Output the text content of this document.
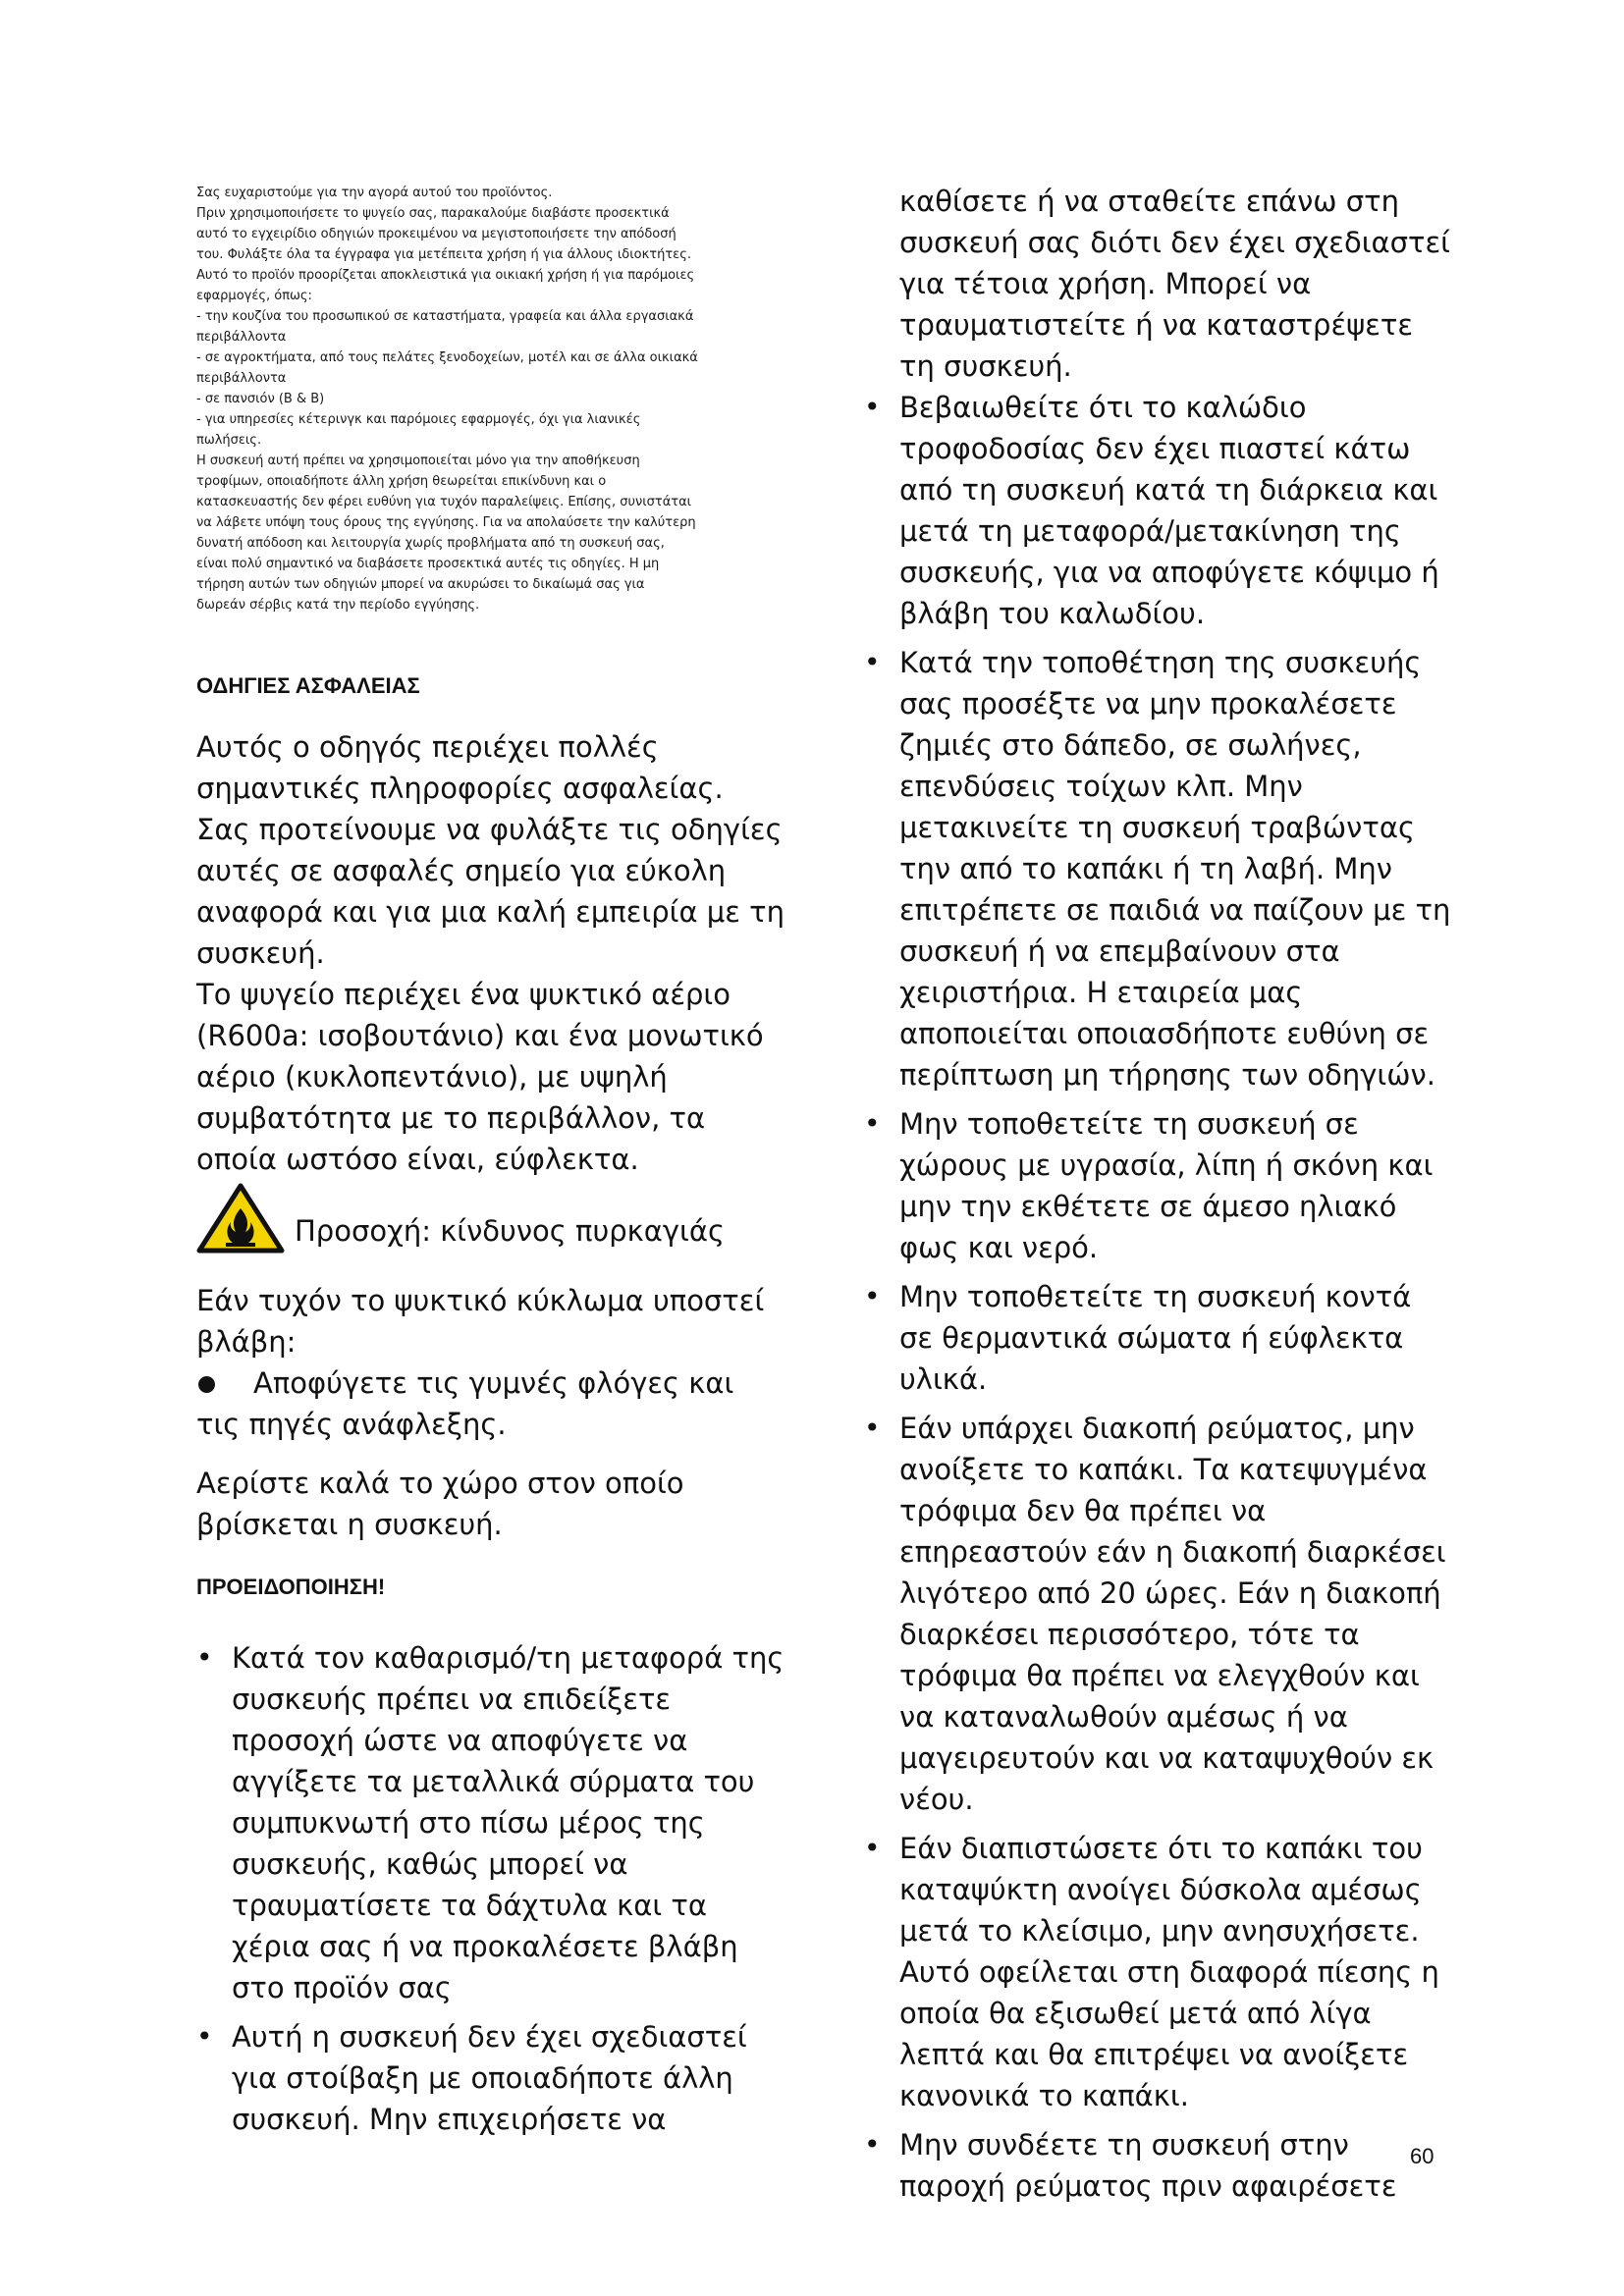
Σας ευχαριστούμε για την αγορά αυτού του προϊόντος.

Πριν χρησιμοποιήσετε το ψυγείο σας, παρακαλούμε διαβάστε προσεκτικά

αυτό το εγχειρίδιο οδηγιών προκειμένου να μεγιστοποιήσετε την απόδοσή

του. Φυλάξτε όλα τα έγγραφα για μετέπειτα χρήση ή για άλλους ιδιοκτήτες.

Αυτό το προϊόν προορίζεται αποκλειστικά για οικιακή χρήση ή για παρόμοιες

εφαρμογές, όπως:

- την κουζίνα του προσωπικού σε καταστήματα, γραφεία και άλλα εργασιακά

περιβάλλοντα

- σε αγροκτήματα, από τους πελάτες ξενοδοχείων, μοτέλ και σε άλλα οικιακά

περιβάλλοντα

- σε πανσιόν (B & B)

- για υπηρεσίες κέτερινγκ και παρόμοιες εφαρμογές, όχι για λιανικές

πωλήσεις.

Η συσκευή αυτή πρέπει να χρησιμοποιείται μόνο για την αποθήκευση

τροφίμων, οποιαδήποτε άλλη χρήση θεωρείται επικίνδυνη και ο

κατασκευαστής δεν φέρει ευθύνη για τυχόν παραλείψεις. Επίσης, συνιστάται

να λάβετε υπόψη τους όρους της εγγύησης. Για να απολαύσετε την καλύτερη

δυνατή απόδοση και λειτουργία χωρίς προβλήματα από τη συσκευή σας,

είναι πολύ σημαντικό να διαβάσετε προσεκτικά αυτές τις οδηγίες. Η μη

τήρηση αυτών των οδηγιών μπορεί να ακυρώσει το δικαίωμά σας για

δωρεάν σέρβις κατά την περίοδο εγγύησης.

ΟΔΗΓΙΕΣ ΑΣΦΑΛΕΙΑΣ

Αυτός ο οδηγός περιέχει πολλές σημαντικές πληροφορίες ασφαλείας. Σας προτείνουμε να φυλάξτε τις οδηγίες αυτές σε ασφαλές σημείο για εύκολη αναφορά και για μια καλή εμπειρία με τη συσκευή.

Το ψυγείο περιέχει ένα ψυκτικό αέριο (R600a: ισοβουτάνιο) και ένα μονωτικό αέριο (κυκλοπεντάνιο), με υψηλή συμβατότητα με το περιβάλλον, τα οποία ωστόσο είναι, εύφλεκτα.

Προσοχή: κίνδυνος πυρκαγιάς

Εάν τυχόν το ψυκτικό κύκλωμα υποστεί βλάβη:

Αποφύγετε τις γυμνές φλόγες και τις πηγές ανάφλεξης.

Αερίστε καλά το χώρο στον οποίο βρίσκεται η συσκευή.

ΠΡΟΕΙΔΟΠΟΙΗΣΗ!
• Κατά τον καθαρισμό/τη μεταφορά της συσκευής πρέπει να επιδείξετε προσοχή ώστε να αποφύγετε να αγγίξετε τα μεταλλικά σύρματα του συμπυκνωτή στο πίσω μέρος της συσκευής, καθώς μπορεί να τραυματίσετε τα δάχτυλα και τα χέρια σας ή να προκαλέσετε βλάβη στο προϊόν σας
• Αυτή η συσκευή δεν έχει σχεδιαστεί για στοίβαξη με οποιαδήποτε άλλη συσκευή. Μην επιχειρήσετε να

καθίσετε ή να σταθείτε επάνω στη συσκευή σας διότι δεν έχει σχεδιαστεί για τέτοια χρήση. Μπορεί να τραυματιστείτε ή να καταστρέψετε τη συσκευή.

• Βεβαιωθείτε ότι το καλώδιο τροφοδοσίας δεν έχει πιαστεί κάτω από τη συσκευή κατά τη διάρκεια και μετά τη μεταφορά/μετακίνηση της συσκευής, για να αποφύγετε κόψιμο ή βλάβη του καλωδίου.
• Κατά την τοποθέτηση της συσκευής σας προσέξτε να μην προκαλέσετε ζημιές στο δάπεδο, σε σωλήνες, επενδύσεις τοίχων κλπ. Μην μετακινείτε τη συσκευή τραβώντας την από το καπάκι ή τη λαβή. Μην επιτρέπετε σε παιδιά να παίζουν με τη συσκευή ή να επεμβαίνουν στα χειριστήρια. Η εταιρεία μας αποποιείται οποιασδήποτε ευθύνη σε περίπτωση μη τήρησης των οδηγιών.
• Μην τοποθετείτε τη συσκευή σε χώρους με υγρασία, λίπη ή σκόνη και μην την εκθέτετε σε άμεσο ηλιακό φως και νερό.
• Μην τοποθετείτε τη συσκευή κοντά σε θερμαντικά σώματα ή εύφλεκτα υλικά.
• Εάν υπάρχει διακοπή ρεύματος, μην ανοίξετε το καπάκι. Τα κατεψυγμένα τρόφιμα δεν θα πρέπει να επηρεαστούν εάν η διακοπή διαρκέσει λιγότερο από 20 ώρες. Εάν η διακοπή διαρκέσει περισσότερο, τότε τα τρόφιμα θα πρέπει να ελεγχθούν και να καταναλωθούν αμέσως ή να μαγειρευτούν και να καταψυχθούν εκ νέου.
• Εάν διαπιστώσετε ότι το καπάκι του καταψύκτη ανοίγει δύσκολα αμέσως μετά το κλείσιμο, μην ανησυχήσετε. Αυτό οφείλεται στη διαφορά πίεσης η οποία θα εξισωθεί μετά από λίγα λεπτά και θα επιτρέψει να ανοίξετε κανονικά το καπάκι.
• Μην συνδέετε τη συσκευή στην παροχή ρεύματος πριν αφαιρέσετε
60
